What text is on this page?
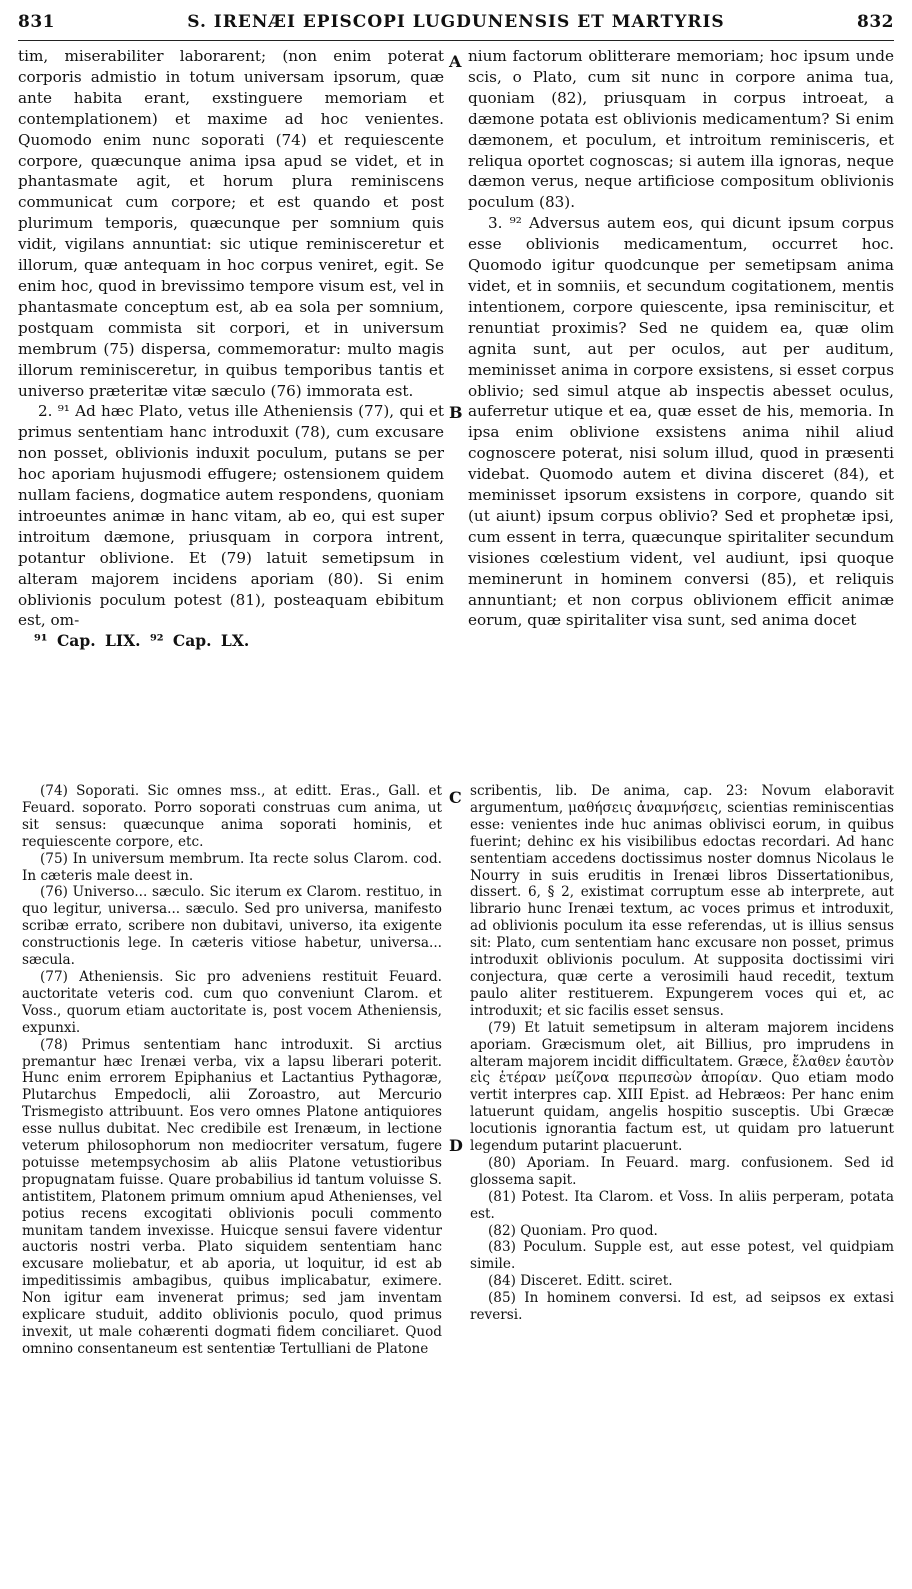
831	S. IRENÆI EPISCOPI LUGDUNENSIS ET MARTYRIS	832

tim, miserabiliter laborarent; (non enim poterat corporis admistio in totum universam ipsorum, quæ ante habita erant, exstinguere memoriam et contemplationem) et maxime ad hoc venientes. Quomodo enim nunc soporati (74) et requiescente corpore, quæcunque anima ipsa apud se videt, et in phantasmate agit, et horum plura reminiscens communicat cum corpore; et est quando et post plurimum temporis, quæcunque per somnium quis vidit, vigilans annuntiat: sic utique reminisceretur et illorum, quæ antequam in hoc corpus veniret, egit. Se enim hoc, quod in brevissimo tempore visum est, vel in phantasmate conceptum est, ab ea sola per somnium, postquam commista sit corpori, et in universum membrum (75) dispersa, commemoratur: multo magis illorum reminisceretur, in quibus temporibus tantis et universo præteritæ vitæ sæculo (76) immorata est.

2. ⁹¹ Ad hæc Plato, vetus ille Atheniensis (77), qui et primus sententiam hanc introduxit (78), cum excusare non posset, oblivionis induxit poculum, putans se per hoc aporiam hujusmodi effugere; ostensionem quidem nullam faciens, dogmatice autem respondens, quoniam introeuntes animæ in hanc vitam, ab eo, qui est super introitum dæmone, priusquam in corpora intrent, potantur oblivione. Et (79) latuit semetipsum in alteram majorem incidens aporiam (80). Si enim oblivionis poculum potest (81), posteaquam ebibitum est, om-

⁹¹ Cap. LIX. ⁹² Cap. LX.

nium factorum oblitterare memoriam; hoc ipsum unde scis, o Plato, cum sit nunc in corpore anima tua, quoniam (82), priusquam in corpus introeat, a dæmone potata est oblivionis medicamentum? Si enim dæmonem, et poculum, et introitum reminisceris, et reliqua oportet cognoscas; si autem illa ignoras, neque dæmon verus, neque artificiose compositum oblivionis poculum (83).

3. ⁹² Adversus autem eos, qui dicunt ipsum corpus esse oblivionis medicamentum, occurret hoc. Quomodo igitur quodcunque per semetipsam anima videt, et in somniis, et secundum cogitationem, mentis intentionem, corpore quiescente, ipsa reminiscitur, et renuntiat proximis? Sed ne quidem ea, quæ olim agnita sunt, aut per oculos, aut per auditum, meminisset anima in corpore exsistens, si esset corpus oblivio; sed simul atque ab inspectis abesset oculus, auferretur utique et ea, quæ esset de his, memoria. In ipsa enim oblivione exsistens anima nihil aliud cognoscere poterat, nisi solum illud, quod in præsenti videbat. Quomodo autem et divina disceret (84), et meminisset ipsorum exsistens in corpore, quando sit (ut aiunt) ipsum corpus oblivio? Sed et prophetæ ipsi, cum essent in terra, quæcunque spiritaliter secundum visiones cœlestium vident, vel audiunt, ipsi quoque meminerunt in hominem conversi (85), et reliquis annuntiant; et non corpus oblivionem efficit animæ eorum, quæ spiritaliter visa sunt, sed anima docet

A
B
C
D

(74) Soporati. Sic omnes mss., at editt. Eras., Gall. et Feuard. soporato. Porro soporati construas cum anima, ut sit sensus: quæcunque anima soporati hominis, et requiescente corpore, etc.

(75) In universum membrum. Ita recte solus Clarom. cod. In cæteris male deest in.

(76) Universo... sæculo. Sic iterum ex Clarom. restituo, in quo legitur, universa... sæculo. Sed pro universa, manifesto scribæ errato, scribere non dubitavi, universo, ita exigente constructionis lege. In cæteris vitiose habetur, universa... sæcula.

(77) Atheniensis. Sic pro adveniens restituit Feuard. auctoritate veteris cod. cum quo conveniunt Clarom. et Voss., quorum etiam auctoritate is, post vocem Atheniensis, expunxi.

(78) Primus sententiam hanc introduxit. Si arctius premantur hæc Irenæi verba, vix a lapsu liberari poterit. Hunc enim errorem Epiphanius et Lactantius Pythagoræ, Plutarchus Empedocli, alii Zoroastro, aut Mercurio Trismegisto attribuunt. Eos vero omnes Platone antiquiores esse nullus dubitat. Nec credibile est Irenæum, in lectione veterum philosophorum non mediocriter versatum, fugere potuisse metempsychosim ab aliis Platone vetustioribus propugnatam fuisse. Quare probabilius id tantum voluisse S. antistitem, Platonem primum omnium apud Athenienses, vel potius recens excogitati oblivionis poculi commento munitam tandem invexisse. Huicque sensui favere videntur auctoris nostri verba. Plato siquidem sententiam hanc excusare moliebatur, et ab aporia, ut loquitur, id est ab impeditissimis ambagibus, quibus implicabatur, eximere. Non igitur eam invenerat primus; sed jam inventam explicare studuit, addito oblivionis poculo, quod primus invexit, ut male cohærenti dogmati fidem conciliaret. Quod omnino consentaneum est sententiæ Tertulliani de Platone

scribentis, lib. De anima, cap. 23: Novum elaboravit argumentum, μαθήσεις ἀναμνήσεις, scientias reminiscentias esse: venientes inde huc animas oblivisci eorum, in quibus fuerint; dehinc ex his visibilibus edoctas recordari. Ad hanc sententiam accedens doctissimus noster domnus Nicolaus le Nourry in suis eruditis in Irenæi libros Dissertationibus, dissert. 6, § 2, existimat corruptum esse ab interprete, aut librario hunc Irenæi textum, ac voces primus et introduxit, ad oblivionis poculum ita esse referendas, ut is illius sensus sit: Plato, cum sententiam hanc excusare non posset, primus introduxit oblivionis poculum. At supposita doctissimi viri conjectura, quæ certe a verosimili haud recedit, textum paulo aliter restituerem. Expungerem voces qui et, ac introduxit; et sic facilis esset sensus.

(79) Et latuit semetipsum in alteram majorem incidens aporiam. Græcismum olet, ait Billius, pro imprudens in alteram majorem incidit difficultatem. Græce, ἔλαθεν ἑαυτὸν εἰς ἑτέραν μείζονα περιπεσὼν ἀπορίαν. Quo etiam modo vertit interpres cap. XIII Epist. ad Hebræos: Per hanc enim latuerunt quidam, angelis hospitio susceptis. Ubi Græcæ locutionis ignorantia factum est, ut quidam pro latuerunt legendum putarint placuerunt.

(80) Aporiam. In Feuard. marg. confusionem. Sed id glossema sapit.

(81) Potest. Ita Clarom. et Voss. In aliis perperam, potata est.

(82) Quoniam. Pro quod.

(83) Poculum. Supple est, aut esse potest, vel quidpiam simile.

(84) Disceret. Editt. sciret.

(85) In hominem conversi. Id est, ad seipsos ex extasi reversi.
